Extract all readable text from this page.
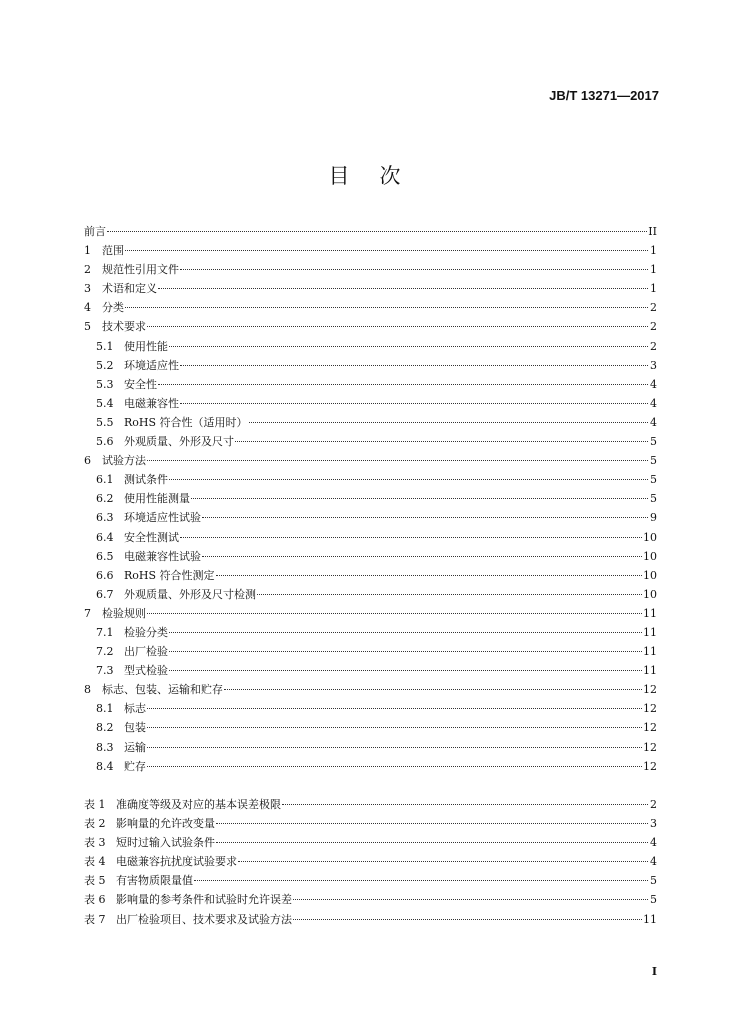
JB/T 13271—2017
目次
前言	II
1	范围	1
2	规范性引用文件	1
3	术语和定义	1
4	分类	2
5	技术要求	2
5.1 使用性能	2
5.2 环境适应性	3
5.3 安全性	4
5.4 电磁兼容性	4
5.5 RoHS 符合性（适用时）	4
5.6 外观质量、外形及尺寸	5
6	试验方法	5
6.1 测试条件	5
6.2 使用性能测量	5
6.3 环境适应性试验	9
6.4 安全性测试	10
6.5 电磁兼容性试验	10
6.6 RoHS 符合性测定	10
6.7 外观质量、外形及尺寸检测	10
7	检验规则	11
7.1 检验分类	11
7.2 出厂检验	11
7.3 型式检验	11
8	标志、包装、运输和贮存	12
8.1 标志	12
8.2 包装	12
8.3 运输	12
8.4 贮存	12
表 1 准确度等级及对应的基本误差极限	2
表 2 影响量的允许改变量	3
表 3 短时过输入试验条件	4
表 4 电磁兼容抗扰度试验要求	4
表 5 有害物质限量值	5
表 6 影响量的参考条件和试验时允许误差	5
表 7 出厂检验项目、技术要求及试验方法	11
I
